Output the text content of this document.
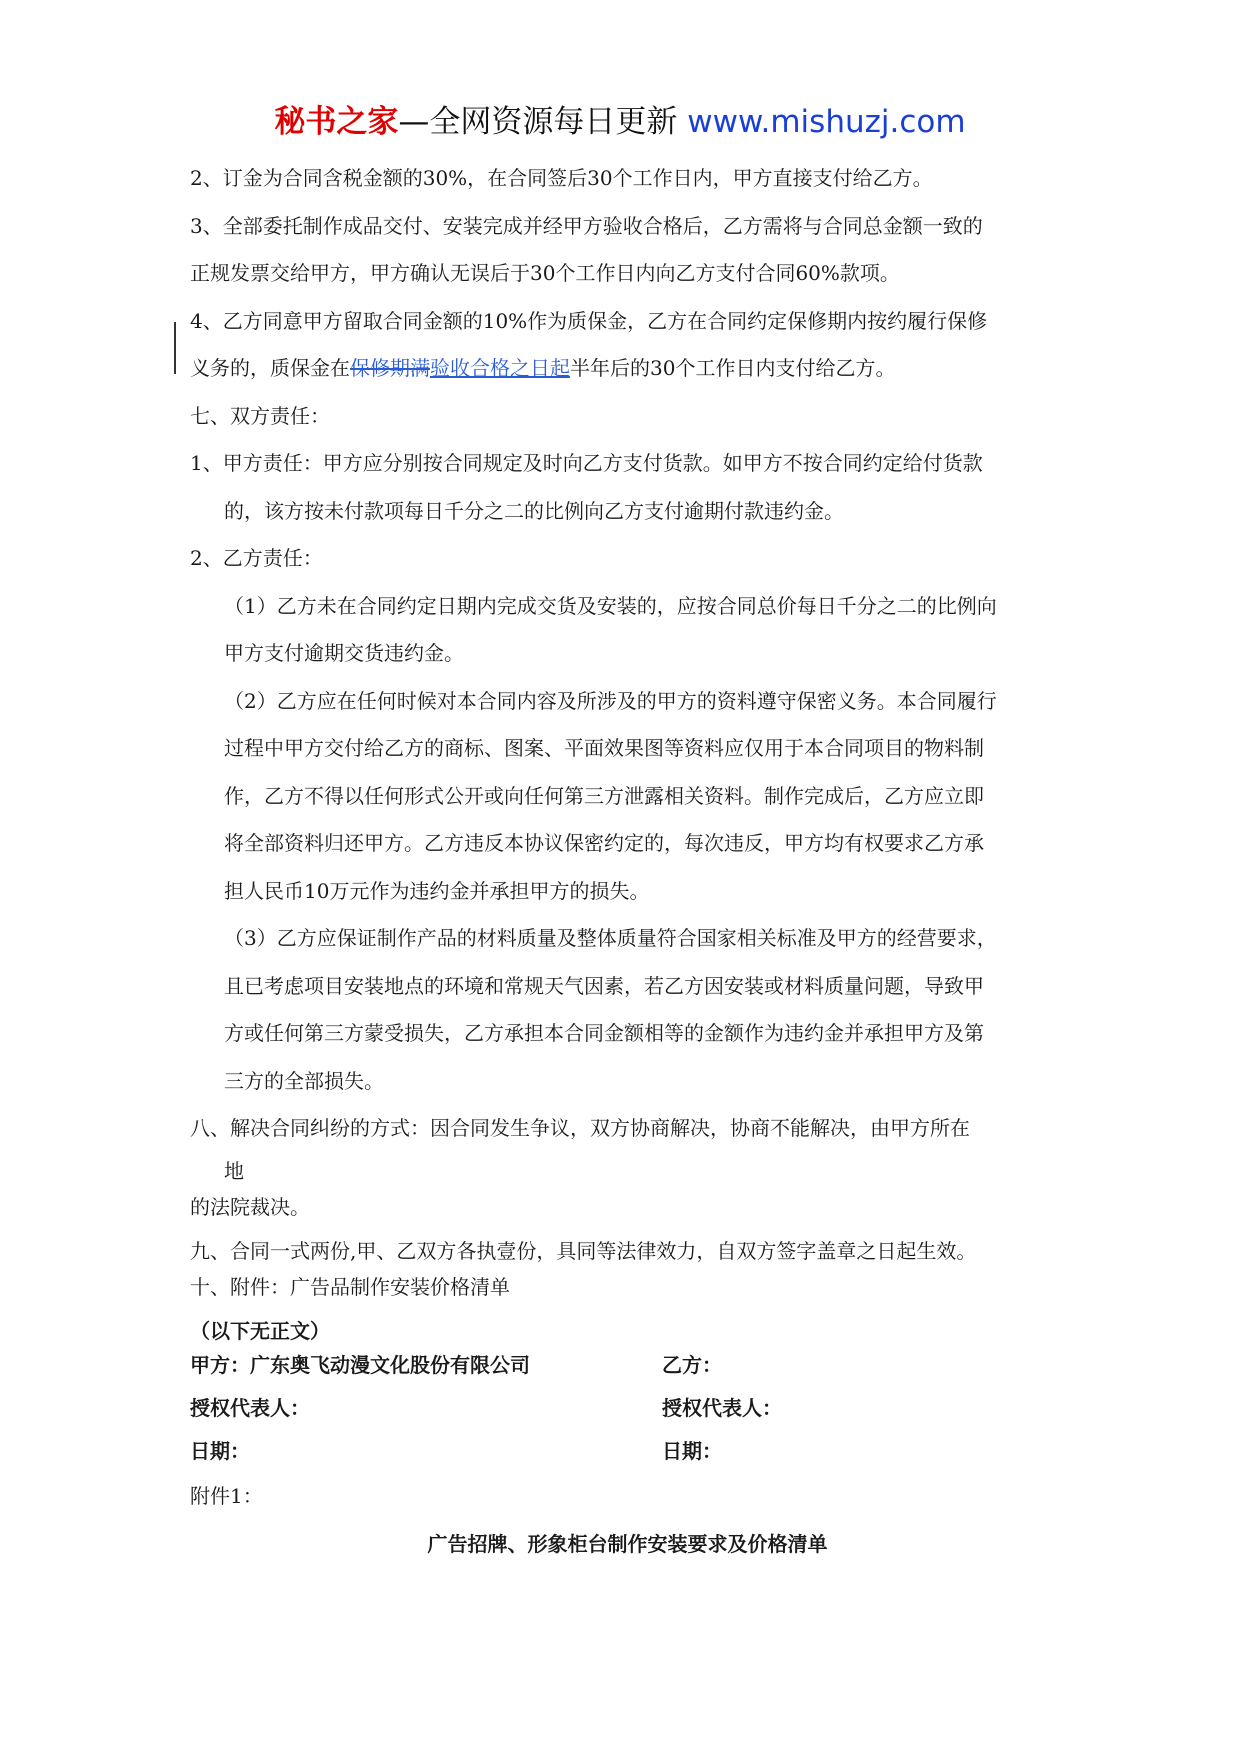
秘书之家—全网资源每日更新 www.mishuzj.com

2、订金为合同含税金额的30%，在合同签后30个工作日内，甲方直接支付给乙方。

3、全部委托制作成品交付、安装完成并经甲方验收合格后，乙方需将与合同总金额一致的

正规发票交给甲方，甲方确认无误后于30个工作日内向乙方支付合同60%款项。

4、乙方同意甲方留取合同金额的10%作为质保金，乙方在合同约定保修期内按约履行保修

义务的，质保金在保修期满验收合格之日起半年后的30个工作日内支付给乙方。

七、双方责任：

1、甲方责任：甲方应分别按合同规定及时向乙方支付货款。如甲方不按合同约定给付货款

的，该方按未付款项每日千分之二的比例向乙方支付逾期付款违约金。

2、乙方责任：

（1）乙方未在合同约定日期内完成交货及安装的，应按合同总价每日千分之二的比例向

甲方支付逾期交货违约金。

（2）乙方应在任何时候对本合同内容及所涉及的甲方的资料遵守保密义务。本合同履行

过程中甲方交付给乙方的商标、图案、平面效果图等资料应仅用于本合同项目的物料制

作，乙方不得以任何形式公开或向任何第三方泄露相关资料。制作完成后，乙方应立即

将全部资料归还甲方。乙方违反本协议保密约定的，每次违反，甲方均有权要求乙方承

担人民币10万元作为违约金并承担甲方的损失。

（3）乙方应保证制作产品的材料质量及整体质量符合国家相关标准及甲方的经营要求，

且已考虑项目安装地点的环境和常规天气因素，若乙方因安装或材料质量问题，导致甲

方或任何第三方蒙受损失，乙方承担本合同金额相等的金额作为违约金并承担甲方及第

三方的全部损失。

八、解决合同纠纷的方式：因合同发生争议，双方协商解决，协商不能解决，由甲方所在

地

的法院裁决。

九、合同一式两份,甲、乙双方各执壹份，具同等法律效力，自双方签字盖章之日起生效。

十、附件：广告品制作安装价格清单

（以下无正文）

甲方：广东奥飞动漫文化股份有限公司	乙方：
授权代表人：	授权代表人：
日期：	日期：

附件1：

广告招牌、形象柜台制作安装要求及价格清单
